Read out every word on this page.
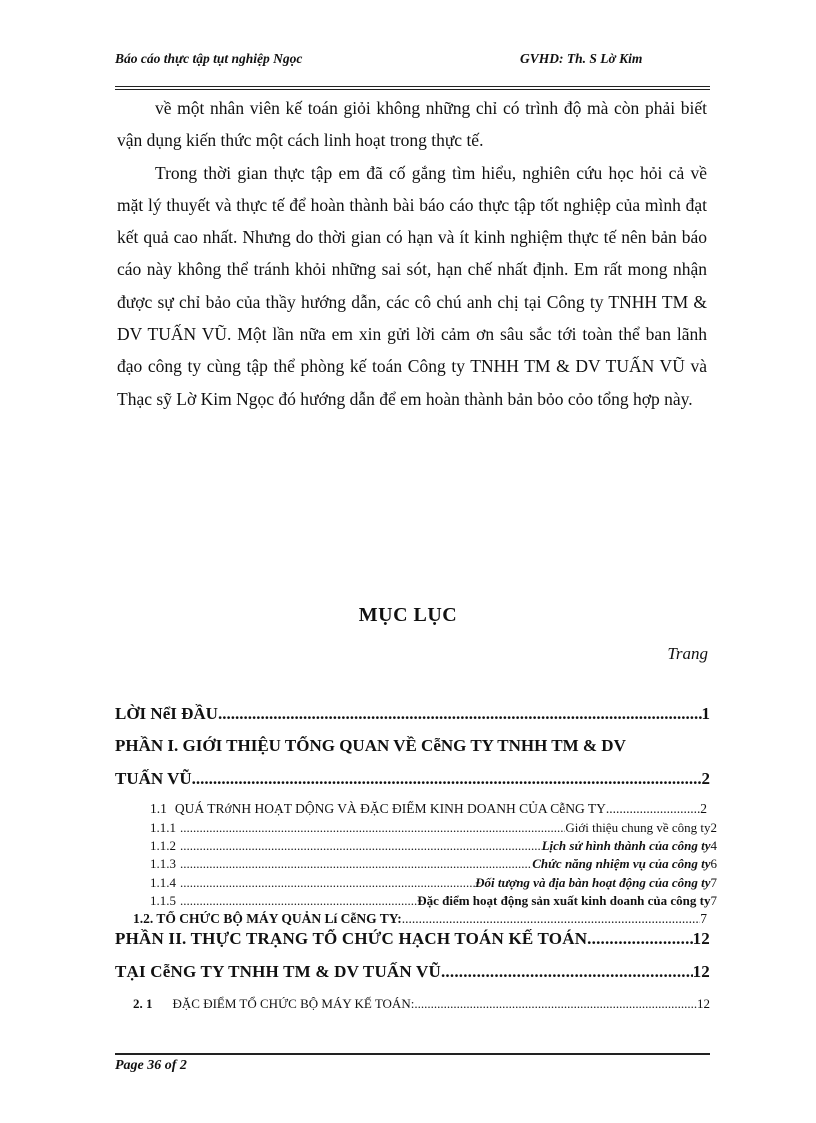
Báo cáo thực tập tụt nghiệp Ngọc	GVHD: Th. S Lờ Kim

về một nhân viên kế toán giỏi không những chỉ có trình độ mà còn phải biết vận dụng kiến thức một cách linh hoạt trong thực tế.

Trong thời gian thực tập em đã cố gắng tìm hiểu, nghiên cứu học hỏi cả về mặt lý thuyết và thực tế để hoàn thành bài báo cáo thực tập tốt nghiệp của mình đạt kết quả cao nhất. Nhưng do thời gian có hạn và ít kinh nghiệm thực tế nên bản báo cáo này không thể tránh khỏi những sai sót, hạn chế nhất định. Em rất mong nhận được sự chỉ bảo của thầy hướng dẫn, các cô chú anh chị tại Công ty TNHH TM & DV TUẤN VŨ. Một lần nữa em xin gửi lời cảm ơn sâu sắc tới toàn thể ban lãnh đạo công ty cùng tập thể phòng kế toán Công ty TNHH TM & DV TUẤN VŨ và Thạc sỹ Lờ Kim Ngọc đó hướng dẫn để em hoàn thành bản bỏo cỏo tổng hợp này.

MỤC LỤC
Trang
LỜI NểI ĐẦU .....	1
PHẦN I. GIỚI THIỆU TỔNG QUAN VỀ CễNG TY TNHH TM & DV
TUẤN VŨ .....	2
1.1 QUÁ TRớNH HOẠT DỘNG VÀ ĐẶC ĐIỂM KINH DOANH CỦA CễNG TY .....	2
1.1.1 .....	Giới thiệu chung về công ty 2
1.1.2 .....	Lịch sử hình thành của công ty 4
1.1.3 .....	Chức năng nhiệm vụ của công ty 6
1.1.4 .....	Đối tượng và địa bàn hoạt động của công ty 7
1.1.5 .....	Đặc điểm hoạt động sản xuất kinh doanh của công ty 7
1.2. TỔ CHỨC BỘ MÁY QUẢN Lí CễNG TY: .....	7
PHẦN II. THỰC TRẠNG TỔ CHỨC HẠCH TOÁN KẾ TOÁN .....	12
TẠI CễNG TY TNHH TM & DV TUẤN VŨ .....	12
2. 1 ĐẶC ĐIỂM TỔ CHỨC BỘ MÁY KẾ TOÁN: .....	12
Page 36 of 2
